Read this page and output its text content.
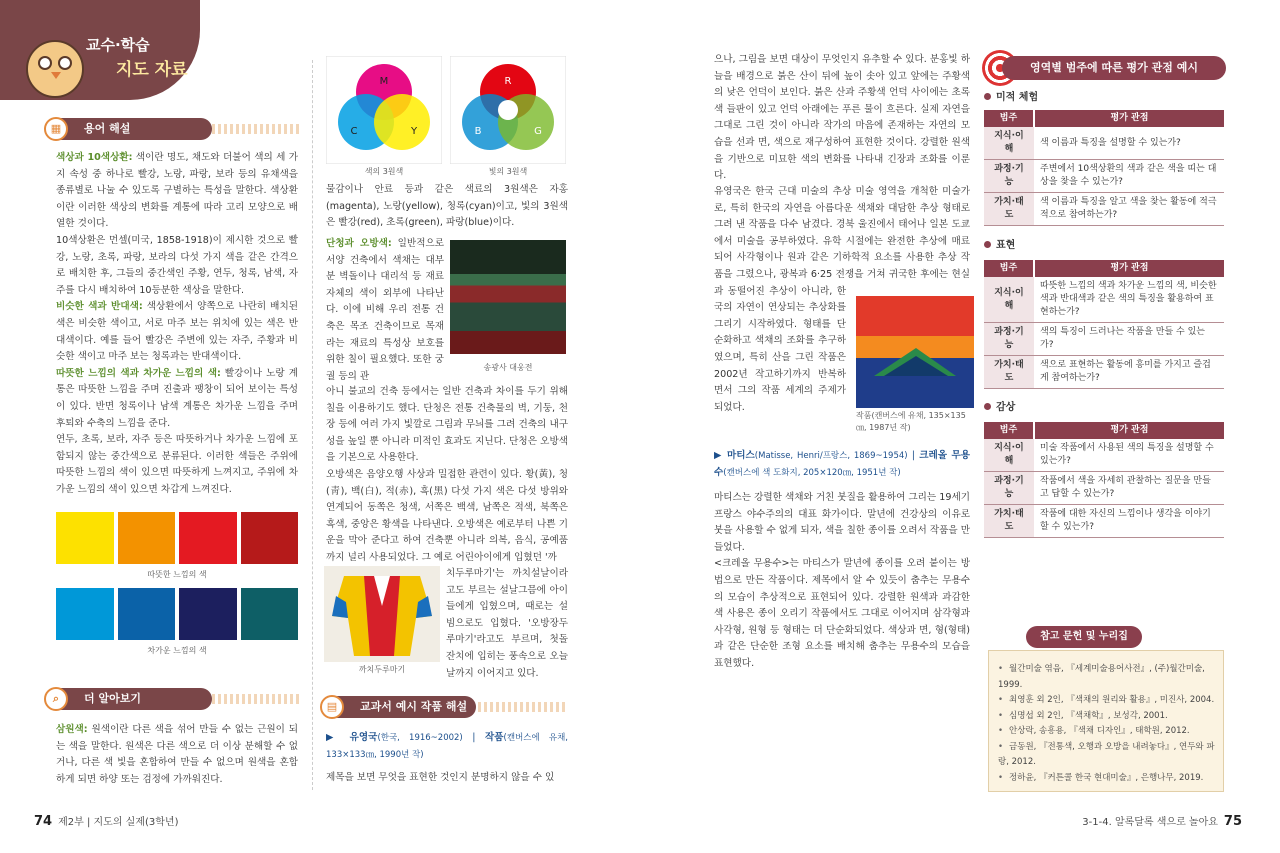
교수·학습
지도 자료
용어 해설
▦

색상과 10색상환: 색이란 명도, 채도와 더불어 색의 세 가지 속성 중 하나로 빨강, 노랑, 파랑, 보라 등의 유채색을 종류별로 나눌 수 있도록 구별하는 특성을 말한다. 색상환이란 이러한 색상의 변화를 계통에 따라 고리 모양으로 배열한 것이다.

10색상환은 먼셀(미국, 1858-1918)이 제시한 것으로 빨강, 노랑, 초록, 파랑, 보라의 다섯 가지 색을 같은 간격으로 배치한 후, 그들의 중간색인 주황, 연두, 청록, 남색, 자주를 다시 배치하여 10등분한 색상을 말한다.

비슷한 색과 반대색: 색상환에서 양쪽으로 나란히 배치된 색은 비슷한 색이고, 서로 마주 보는 위치에 있는 색은 반대색이다. 예를 들어 빨강은 주변에 있는 자주, 주황과 비슷한 색이고 마주 보는 청록과는 반대색이다.

따뜻한 느낌의 색과 차가운 느낌의 색: 빨강이나 노랑 계통은 따뜻한 느낌을 주며 진출과 팽창이 되어 보이는 특성이 있다. 반면 청록이나 남색 계통은 차가운 느낌을 주며 후퇴와 수축의 느낌을 준다.

연두, 초록, 보라, 자주 등은 따뜻하거나 차가운 느낌에 포함되지 않는 중간색으로 분류된다. 이러한 색들은 주위에 따뜻한 느낌의 색이 있으면 따뜻하게 느껴지고, 주위에 차가운 느낌의 색이 있으면 차갑게 느껴진다.

따뜻한 느낌의 색
차가운 느낌의 색
더 알아보기
⌕

삼원색: 원색이란 다른 색을 섞어 만들 수 없는 근원이 되는 색을 말한다. 원색은 다른 색으로 더 이상 분해할 수 없거나, 다른 색 빛을 혼합하여 만들 수 없으며 원색을 혼합하게 되면 하양 또는 검정에 가까워진다.

M
C	Y
색의 3원색
R
B	G
빛의 3원색
물감이나 안료 등과 같은 색료의 3원색은 자홍(magenta), 노랑(yellow), 청록(cyan)이고, 빛의 3원색은 빨강(red), 초록(green), 파랑(blue)이다.

단청과 오방색: 일반적으로 서양 건축에서 색채는 대부분 벽돌이나 대리석 등 재료 자체의 색이 외부에 나타난다. 이에 비해 우리 전통 건축은 목조 건축이므로 목재라는 재료의 특성상 보호를 위한 칠이 필요했다. 또한 궁궐 등의 관

송광사 대웅전

아니 불교의 건축 등에서는 일반 건축과 차이를 두기 위해 칠을 이용하기도 했다. 단청은 전통 건축물의 벽, 기둥, 천장 등에 여러 가지 빛깔로 그림과 무늬를 그려 건축의 내구성을 높일 뿐 아니라 미적인 효과도 지닌다. 단청은 오방색을 기본으로 사용한다.

오방색은 음양오행 사상과 밀접한 관련이 있다. 황(黃), 청(靑), 백(白), 적(赤), 흑(黑) 다섯 가지 색은 다섯 방위와 연계되어 동쪽은 청색, 서쪽은 백색, 남쪽은 적색, 북쪽은 흑색, 중앙은 황색을 나타낸다. 오방색은 예로부터 나쁜 기운을 막아 준다고 하여 건축뿐 아니라 의복, 음식, 공예품까지 널리 사용되었다. 그 예로 어린아이에게 입혔던 '까

까치두루마기
치두루마기'는 까치설날이라고도 부르는 설날그믐에 아이들에게 입혔으며, 때로는 설빔으로도 입혔다. '오방장두루마기'라고도 부르며, 첫돌 잔치에 입히는 풍속으로 오늘날까지 이어지고 있다.
교과서 예시 작품 해설
▤
▶ 유영국(한국, 1916~2002) | 작품(캔버스에 유채, 133×133㎝, 1990년 작)
제목을 보면 무엇을 표현한 것인지 분명하지 않을 수 있
으나, 그림을 보면 대상이 무엇인지 유추할 수 있다. 분홍빛 하늘을 배경으로 붉은 산이 뒤에 높이 솟아 있고 앞에는 주황색의 낮은 언덕이 보인다. 붉은 산과 주황색 언덕 사이에는 초록색 들판이 있고 언덕 아래에는 푸른 물이 흐른다. 실제 자연을 그대로 그린 것이 아니라 작가의 마음에 존재하는 자연의 모습을 선과 면, 색으로 재구성하여 표현한 것이다. 강렬한 원색을 기반으로 미묘한 색의 변화를 나타내 긴장과 조화를 이룬다.

유영국은 한국 근대 미술의 추상 미술 영역을 개척한 미술가로, 특히 한국의 자연을 아름다운 색채와 대담한 추상 형태로 그려 낸 작품을 다수 남겼다. 경북 울진에서 태어나 일본 도쿄에서 미술을 공부하였다. 유학 시절에는 완전한 추상에 매료되어 사각형이나 원과 같은 기하학적 요소를 사용한 추상 작품을 그렸으나, 광복과 6·25 전쟁을 거쳐 귀국한 후에는 현실과 동떨어진 추상이 아니라, 한국의 자연이 연상되는 추상화를 그리기 시작하였다. 형태를 단순화하고 색채의 조화를 추구하였으며, 특히 산을 그린 작품은 2002년 작고하기까지 반복하면서 그의 작품 세계의 주제가 되었다.

작품(캔버스에 유채, 135×135㎝, 1987년 작)
▶ 마티스(Matisse, Henri/프랑스, 1869~1954) | 크레올 무용수(캔버스에 색 도화지, 205×120㎝, 1951년 작)

마티스는 강렬한 색채와 거친 붓질을 활용하여 그리는 19세기 프랑스 야수주의의 대표 화가이다. 말년에 건강상의 이유로 붓을 사용할 수 없게 되자, 색을 칠한 종이를 오려서 작품을 만들었다.

<크레올 무용수>는 마티스가 말년에 종이를 오려 붙이는 방법으로 만든 작품이다. 제목에서 알 수 있듯이 춤추는 무용수의 모습이 추상적으로 표현되어 있다. 강렬한 원색과 과감한 색 사용은 종이 오리기 작품에서도 그대로 이어지며 삼각형과 사각형, 원형 등 형태는 더 단순화되었다. 색상과 면, 형(형태)과 같은 단순한 조형 요소를 배치해 춤추는 무용수의 모습을 표현했다.

영역별 범주에 따른 평가 관점 예시
미적 체험
범주	평가 관점
지식·이해	색 이름과 특징을 설명할 수 있는가?
과정·기능	주변에서 10색상환의 색과 같은 색을 띠는 대상을 찾을 수 있는가?
가치·태도	색 이름과 특징을 알고 색을 찾는 활동에 적극적으로 참여하는가?
표현
범주	평가 관점
지식·이해	따뜻한 느낌의 색과 차가운 느낌의 색, 비슷한 색과 반대색과 같은 색의 특징을 활용하여 표현하는가?
과정·기능	색의 특징이 드러나는 작품을 만들 수 있는가?
가치·태도	색으로 표현하는 활동에 흥미를 가지고 즐겁게 참여하는가?
감상
범주	평가 관점
지식·이해	미술 작품에서 사용된 색의 특징을 설명할 수 있는가?
과정·기능	작품에서 색을 자세히 관찰하는 질문을 만들고 답할 수 있는가?
가치·태도	작품에 대한 자신의 느낌이나 생각을 이야기할 수 있는가?
참고 문헌 및 누리집
• 월간미술 엮음, 『세계미술용어사전』, (주)월간미술, 1999.
• 최영훈 외 2인, 『색채의 원리와 활용』, 미진사, 2004.
• 심명섭 외 2인, 『색채학』, 보성각, 2001.
• 안상락, 송흥용, 『색채 디자인』, 태학원, 2012.
• 금동원, 『전통색, 오행과 오방을 내려놓다』, 연두와 파랑, 2012.
• 정하윤, 『커튼콜 한국 현대미술』, 은행나무, 2019.
74 제2부 | 지도의 실제(3학년)	3-1-4. 알록달록 색으로 놀아요 75
